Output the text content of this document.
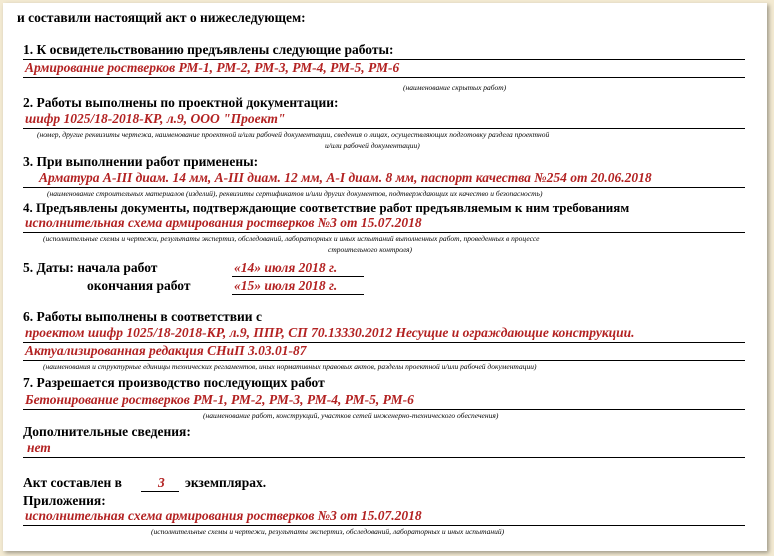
и составили настоящий акт о нижеследующем:
1. К освидетельствованию предъявлены следующие работы:
Армирование ростверков РМ-1, РМ-2, РМ-3, РМ-4, РМ-5, РМ-6
(наименование скрытых работ)
2. Работы выполнены по проектной документации:
шифр 1025/18-2018-КР, л.9, ООО "Проект"
(номер, другие реквизиты чертежа, наименование проектной и/или рабочей документации, сведения о лицах, осуществляющих подготовку раздела проектной
и/или рабочей документации)
3. При выполнении работ применены:
Арматура А-III диам. 14 мм, А-III диам. 12 мм, А-I диам. 8 мм, паспорт качества №254 от 20.06.2018
(наименование строительных материалов (изделий), реквизиты сертификатов и/или других документов, подтверждающих их качество и безопасность)
4. Предъявлены документы, подтверждающие соответствие работ предъявляемым к ним требованиям
исполнительная схема армирования ростверков №3 от 15.07.2018
(исполнительные схемы и чертежи, результаты экспертиз, обследований, лабораторных и иных испытаний выполненных работ, проведенных в процессе
строительного контроля)
5. Даты: начала работ	«14» июля 2018 г.
окончания работ	«15» июля 2018 г.
6. Работы выполнены в соответствии с
проектом шифр 1025/18-2018-КР, л.9, ППР, СП 70.13330.2012 Несущие и ограждающие конструкции.
Актуализированная редакция СНиП 3.03.01-87
(наименования и структурные единицы технических регламентов, иных нормативных правовых актов, разделы проектной и/или рабочей документации)
7. Разрешается производство последующих работ
Бетонирование ростверков РМ-1, РМ-2, РМ-3, РМ-4, РМ-5, РМ-6
(наименование работ, конструкций, участков сетей инженерно-технического обеспечения)
Дополнительные сведения:
нет
Акт составлен в	3 экземплярах.
Приложения:
исполнительная схема армирования ростверков №3 от 15.07.2018
(исполнительные схемы и чертежи, результаты экспертиз, обследований, лабораторных и иных испытаний)
